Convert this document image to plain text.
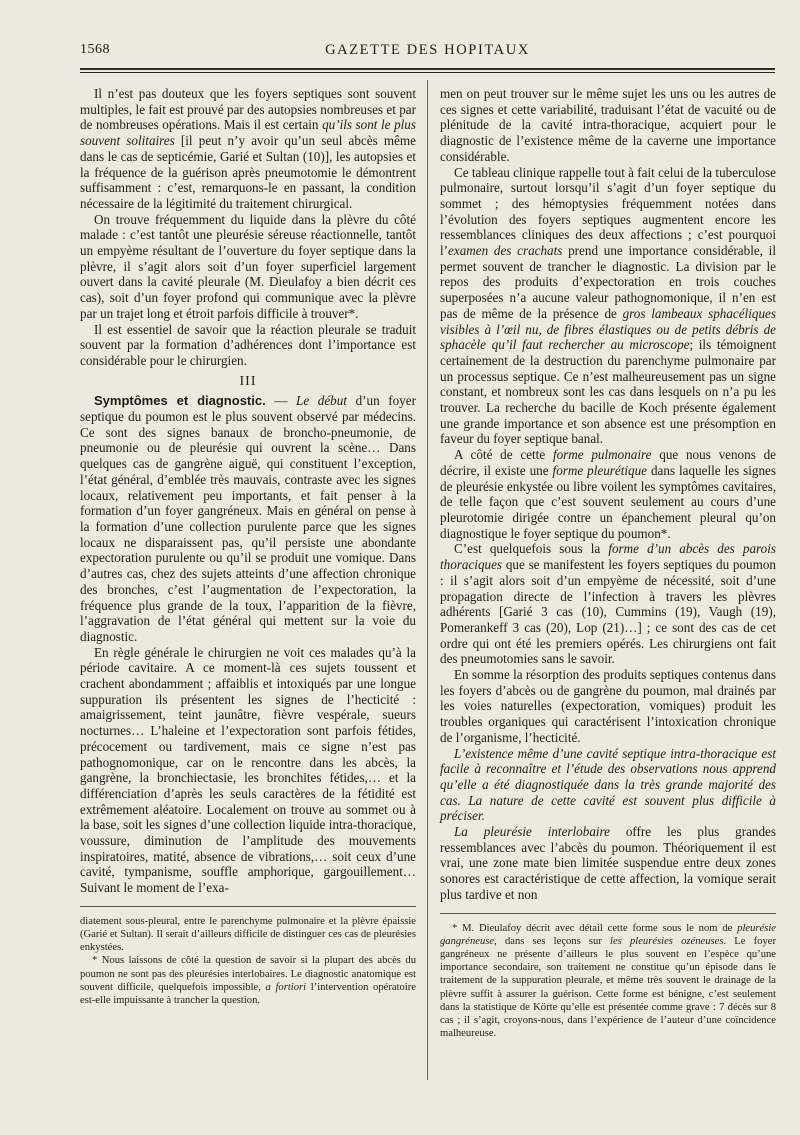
1568	GAZETTE DES HOPITAUX

Il n’est pas douteux que les foyers septiques sont souvent multiples, le fait est prouvé par des autopsies nombreuses et par de nombreuses opérations. Mais il est certain qu’ils sont le plus souvent solitaires [il peut n’y avoir qu’un seul abcès même dans le cas de septicémie, Garié et Sultan (10)], les autopsies et la fréquence de la guérison après pneumotomie le démontrent suffisamment : c’est, remarquons-le en passant, la condition nécessaire de la légitimité du traitement chirurgical.

On trouve fréquemment du liquide dans la plèvre du côté malade : c’est tantôt une pleurésie séreuse réactionnelle, tantôt un empyème résultant de l’ouverture du foyer septique dans la plèvre, il s’agit alors soit d’un foyer superficiel largement ouvert dans la cavité pleurale (M. Dieulafoy a bien décrit ces cas), soit d’un foyer profond qui communique avec la plèvre par un trajet long et étroit parfois difficile à trouver*.

Il est essentiel de savoir que la réaction pleurale se traduit souvent par la formation d’adhérences dont l’importance est considérable pour le chirurgien.

III

Symptômes et diagnostic. — Le début d’un foyer septique du poumon est le plus souvent observé par médecins. Ce sont des signes banaux de broncho-pneumonie, de pneumonie ou de pleurésie qui ouvrent la scène… Dans quelques cas de gangrène aiguë, qui constituent l’exception, l’état général, d’emblée très mauvais, contraste avec les signes locaux, relativement peu importants, et fait penser à la formation d’un foyer gangréneux. Mais en général on pense à la formation d’une collection purulente parce que les signes locaux ne disparaissent pas, qu’il persiste une abondante expectoration purulente ou qu’il se produit une vomique. Dans d’autres cas, chez des sujets atteints d’une affection chronique des bronches, c’est l’augmentation de l’expectoration, la fréquence plus grande de la toux, l’apparition de la fièvre, l’aggravation de l’état général qui mettent sur la voie du diagnostic.

En règle générale le chirurgien ne voit ces malades qu’à la période cavitaire. A ce moment-là ces sujets toussent et crachent abondamment ; affaiblis et intoxiqués par une longue suppuration ils présentent les signes de l’hecticité : amaigrissement, teint jaunâtre, fièvre vespérale, sueurs nocturnes… L’haleine et l’expectoration sont parfois fétides, précocement ou tardivement, mais ce signe n’est pas pathognomonique, car on le rencontre dans les abcès, la gangrène, la bronchiectasie, les bronchites fétides,… et la différenciation d’après les seuls caractères de la fétidité est extrêmement aléatoire. Localement on trouve au sommet ou à la base, soit les signes d’une collection liquide intra-thoracique, voussure, diminution de l’amplitude des mouvements inspiratoires, matité, absence de vibrations,… soit ceux d’une cavité, tympanisme, souffle amphorique, gargouillement… Suivant le moment de l’exa-

diatement sous-pleural, entre le parenchyme pulmonaire et la plèvre épaissie (Garié et Sultan). Il serait d’ailleurs difficile de distinguer ces cas de pleurésies enkystées.

* Nous laissons de côté la question de savoir si la plupart des abcès du poumon ne sont pas des pleurésies interlobaires. Le diagnostic anatomique est souvent difficile, quelquefois impossible, a fortiori l’intervention opératoire est-elle impuissante à trancher la question.

men on peut trouver sur le même sujet les uns ou les autres de ces signes et cette variabilité, traduisant l’état de vacuité ou de plénitude de la cavité intra-thoracique, acquiert pour le diagnostic de l’existence même de la caverne une importance considérable.

Ce tableau clinique rappelle tout à fait celui de la tuberculose pulmonaire, surtout lorsqu’il s’agit d’un foyer septique du sommet ; des hémoptysies fréquemment notées dans l’évolution des foyers septiques augmentent encore les ressemblances cliniques des deux affections ; c’est pourquoi l’examen des crachats prend une importance considérable, il permet souvent de trancher le diagnostic. La division par le repos des produits d’expectoration en trois couches superposées n’a aucune valeur pathognomonique, il n’en est pas de même de la présence de gros lambeaux sphacéliques visibles à l’œil nu, de fibres élastiques ou de petits débris de sphacèle qu’il faut rechercher au microscope; ils témoignent certainement de la destruction du parenchyme pulmonaire par un processus septique. Ce n’est malheureusement pas un signe constant, et nombreux sont les cas dans lesquels on n’a pu les trouver. La recherche du bacille de Koch présente également une grande importance et son absence est une présomption en faveur du foyer septique banal.

A côté de cette forme pulmonaire que nous venons de décrire, il existe une forme pleurétique dans laquelle les signes de pleurésie enkystée ou libre voilent les symptômes cavitaires, de telle façon que c’est souvent seulement au cours d’une pleurotomie dirigée contre un épanchement pleural qu’on diagnostique le foyer septique du poumon*.

C’est quelquefois sous la forme d’un abcès des parois thoraciques que se manifestent les foyers septiques du poumon : il s’agit alors soit d’un empyème de nécessité, soit d’une propagation directe de l’infection à travers les plèvres adhérents [Garié 3 cas (10), Cummins (19), Vaugh (19), Pomerankeff 3 cas (20), Lop (21)…] ; ce sont des cas de cet ordre qui ont été les premiers opérés. Les chirurgiens ont fait des pneumotomies sans le savoir.

En somme la résorption des produits septiques contenus dans les foyers d’abcès ou de gangrène du poumon, mal drainés par les voies naturelles (expectoration, vomiques) produit les troubles organiques qui caractérisent l’intoxication chronique de l’organisme, l’hecticité.

L’existence même d’une cavité septique intra-thoracique est facile à reconnaître et l’étude des observations nous apprend qu’elle a été diagnostiquée dans la très grande majorité des cas. La nature de cette cavité est souvent plus difficile à préciser.

La pleurésie interlobaire offre les plus grandes ressemblances avec l’abcès du poumon. Théoriquement il est vrai, une zone mate bien limitée suspendue entre deux zones sonores est caractéristique de cette affection, la vomique serait plus tardive et non

* M. Dieulafoy décrit avec détail cette forme sous le nom de pleurésie gangréneuse, dans ses leçons sur les pleurésies ozéneuses. Le foyer gangréneux ne présente d’ailleurs le plus souvent en l’espèce qu’une importance secondaire, son traitement ne constitue qu’un épisode dans le traitement de la suppuration pleurale, et même très souvent le drainage de la plèvre suffit à assurer la guérison. Cette forme est bénigne, c’est seulement dans la statistique de Körte qu’elle est présentée comme grave : 7 décès sur 8 cas ; il s’agit, croyons-nous, dans l’expérience de l’auteur d’une coïncidence malheureuse.
